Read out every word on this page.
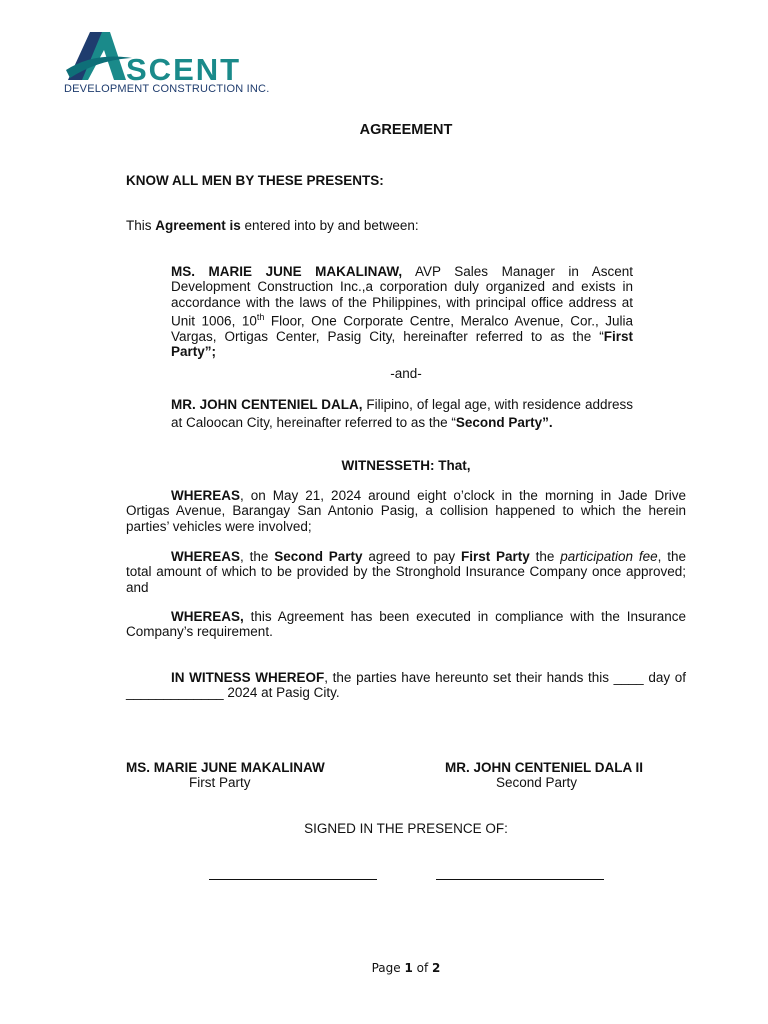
SCENT
DEVELOPMENT CONSTRUCTION INC.
AGREEMENT
KNOW ALL MEN BY THESE PRESENTS:
This Agreement is entered into by and between:
MS. MARIE JUNE MAKALINAW, AVP Sales Manager in Ascent Development Construction Inc.,a corporation duly organized and exists in accordance with the laws of the Philippines, with principal office address at Unit 1006, 10th Floor, One Corporate Centre, Meralco Avenue, Cor., Julia Vargas, Ortigas Center, Pasig City, hereinafter referred to as the “First Party”;
-and-
MR. JOHN CENTENIEL DALA, Filipino, of legal age, with residence address at Caloocan City, hereinafter referred to as the “Second Party”.
WITNESSETH: That,
WHEREAS, on May 21, 2024 around eight o’clock in the morning in Jade Drive Ortigas Avenue, Barangay San Antonio Pasig, a collision happened to which the herein parties’ vehicles were involved;
WHEREAS, the Second Party agreed to pay First Party the participation fee, the total amount of which to be provided by the Stronghold Insurance Company once approved; and
WHEREAS, this Agreement has been executed in compliance with the Insurance Company’s requirement.
IN WITNESS WHEREOF, the parties have hereunto set their hands this ____ day of _____________ 2024 at Pasig City.
MS. MARIE JUNE MAKALINAW
First Party
MR. JOHN CENTENIEL DALA II
Second Party
SIGNED IN THE PRESENCE OF:
Page 1 of 2
